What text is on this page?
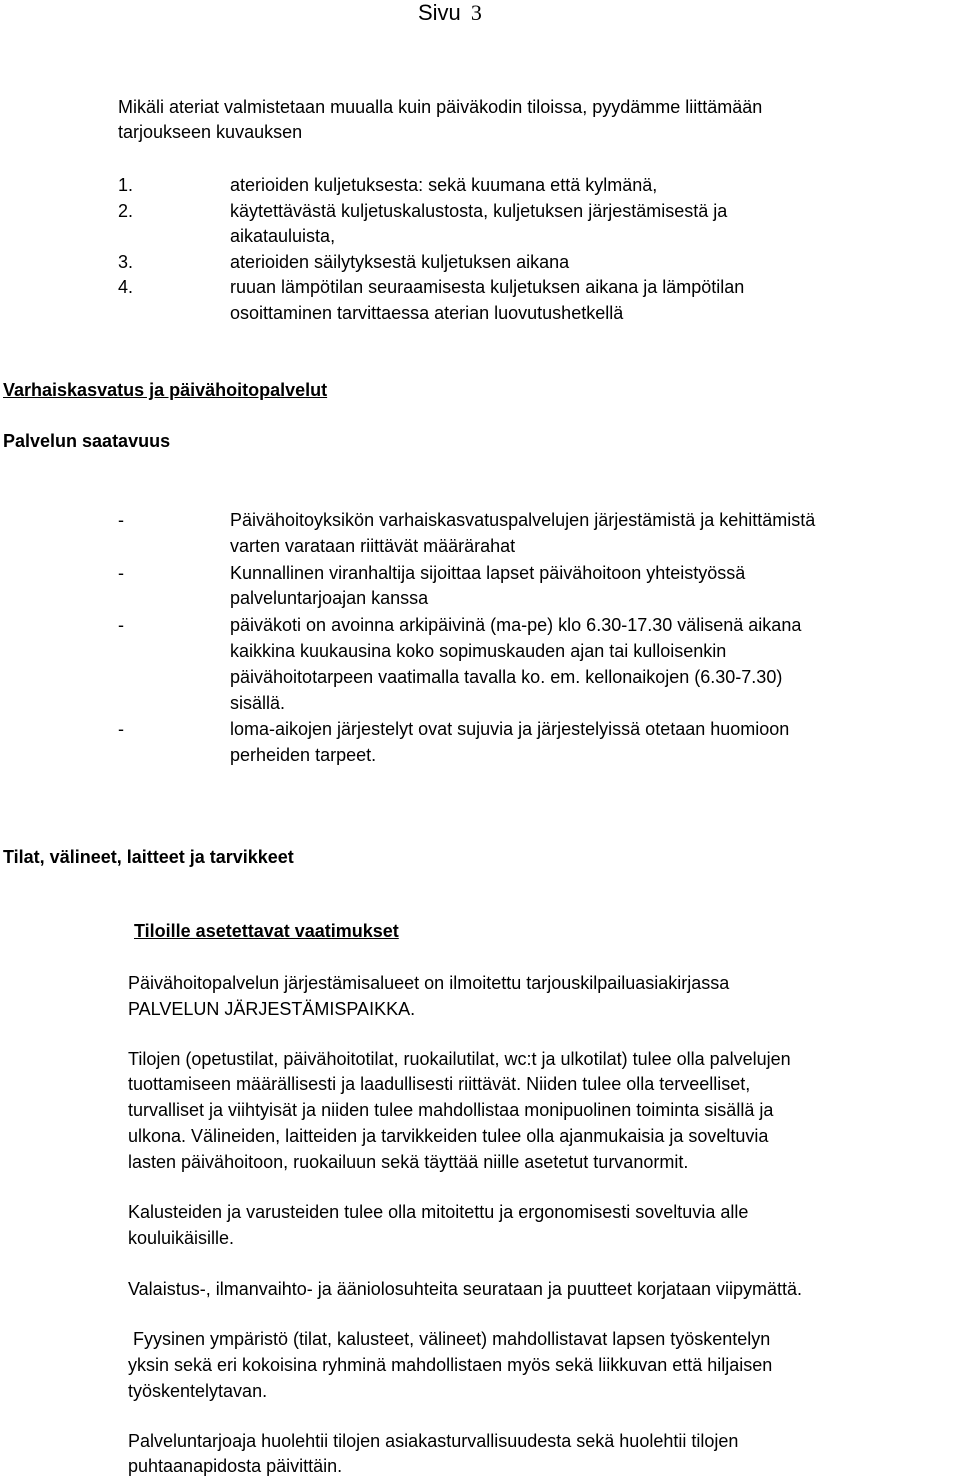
Sivu 3
Mikäli ateriat valmistetaan muualla kuin päiväkodin tiloissa, pyydämme liittämään
tarjoukseen kuvauksen
1.	aterioiden kuljetuksesta: sekä kuumana että kylmänä,
2.	käytettävästä kuljetuskalustosta, kuljetuksen järjestämisestä ja
aikatauluista,
3.	aterioiden säilytyksestä kuljetuksen aikana
4.	ruuan lämpötilan seuraamisesta kuljetuksen aikana ja lämpötilan
osoittaminen tarvittaessa aterian luovutushetkellä
Varhaiskasvatus ja päivähoitopalvelut
Palvelun saatavuus
-	Päivähoitoyksikön varhaiskasvatuspalvelujen järjestämistä ja kehittämistä
varten varataan riittävät määrärahat
-	Kunnallinen viranhaltija sijoittaa lapset päivähoitoon yhteistyössä
palveluntarjoajan kanssa
-	päiväkoti on avoinna arkipäivinä (ma-pe) klo 6.30-17.30 välisenä aikana
kaikkina kuukausina koko sopimuskauden ajan tai kulloisenkin
päivähoitotarpeen vaatimalla tavalla ko. em. kellonaikojen (6.30-7.30)
sisällä.
-	loma-aikojen järjestelyt ovat sujuvia ja järjestelyissä otetaan huomioon
perheiden tarpeet.
Tilat, välineet, laitteet ja tarvikkeet
Tiloille asetettavat vaatimukset
Päivähoitopalvelun järjestämisalueet on ilmoitettu tarjouskilpailuasiakirjassa
PALVELUN JÄRJESTÄMISPAIKKA.
Tilojen (opetustilat, päivähoitotilat, ruokailutilat, wc:t ja ulkotilat) tulee olla palvelujen
tuottamiseen määrällisesti ja laadullisesti riittävät. Niiden tulee olla terveelliset,
turvalliset ja viihtyisät ja niiden tulee mahdollistaa monipuolinen toiminta sisällä ja
ulkona. Välineiden, laitteiden ja tarvikkeiden tulee olla ajanmukaisia ja soveltuvia
lasten päivähoitoon, ruokailuun sekä täyttää niille asetetut turvanormit.
Kalusteiden ja varusteiden tulee olla mitoitettu ja ergonomisesti soveltuvia alle
kouluikäisille.
Valaistus-, ilmanvaihto- ja ääniolosuhteita seurataan ja puutteet korjataan viipymättä.
Fyysinen ympäristö (tilat, kalusteet, välineet) mahdollistavat lapsen työskentelyn
yksin sekä eri kokoisina ryhminä mahdollistaen myös sekä liikkuvan että hiljaisen
työskentelytavan.
Palveluntarjoaja huolehtii tilojen asiakasturvallisuudesta sekä huolehtii tilojen
puhtaanapidosta päivittäin.
